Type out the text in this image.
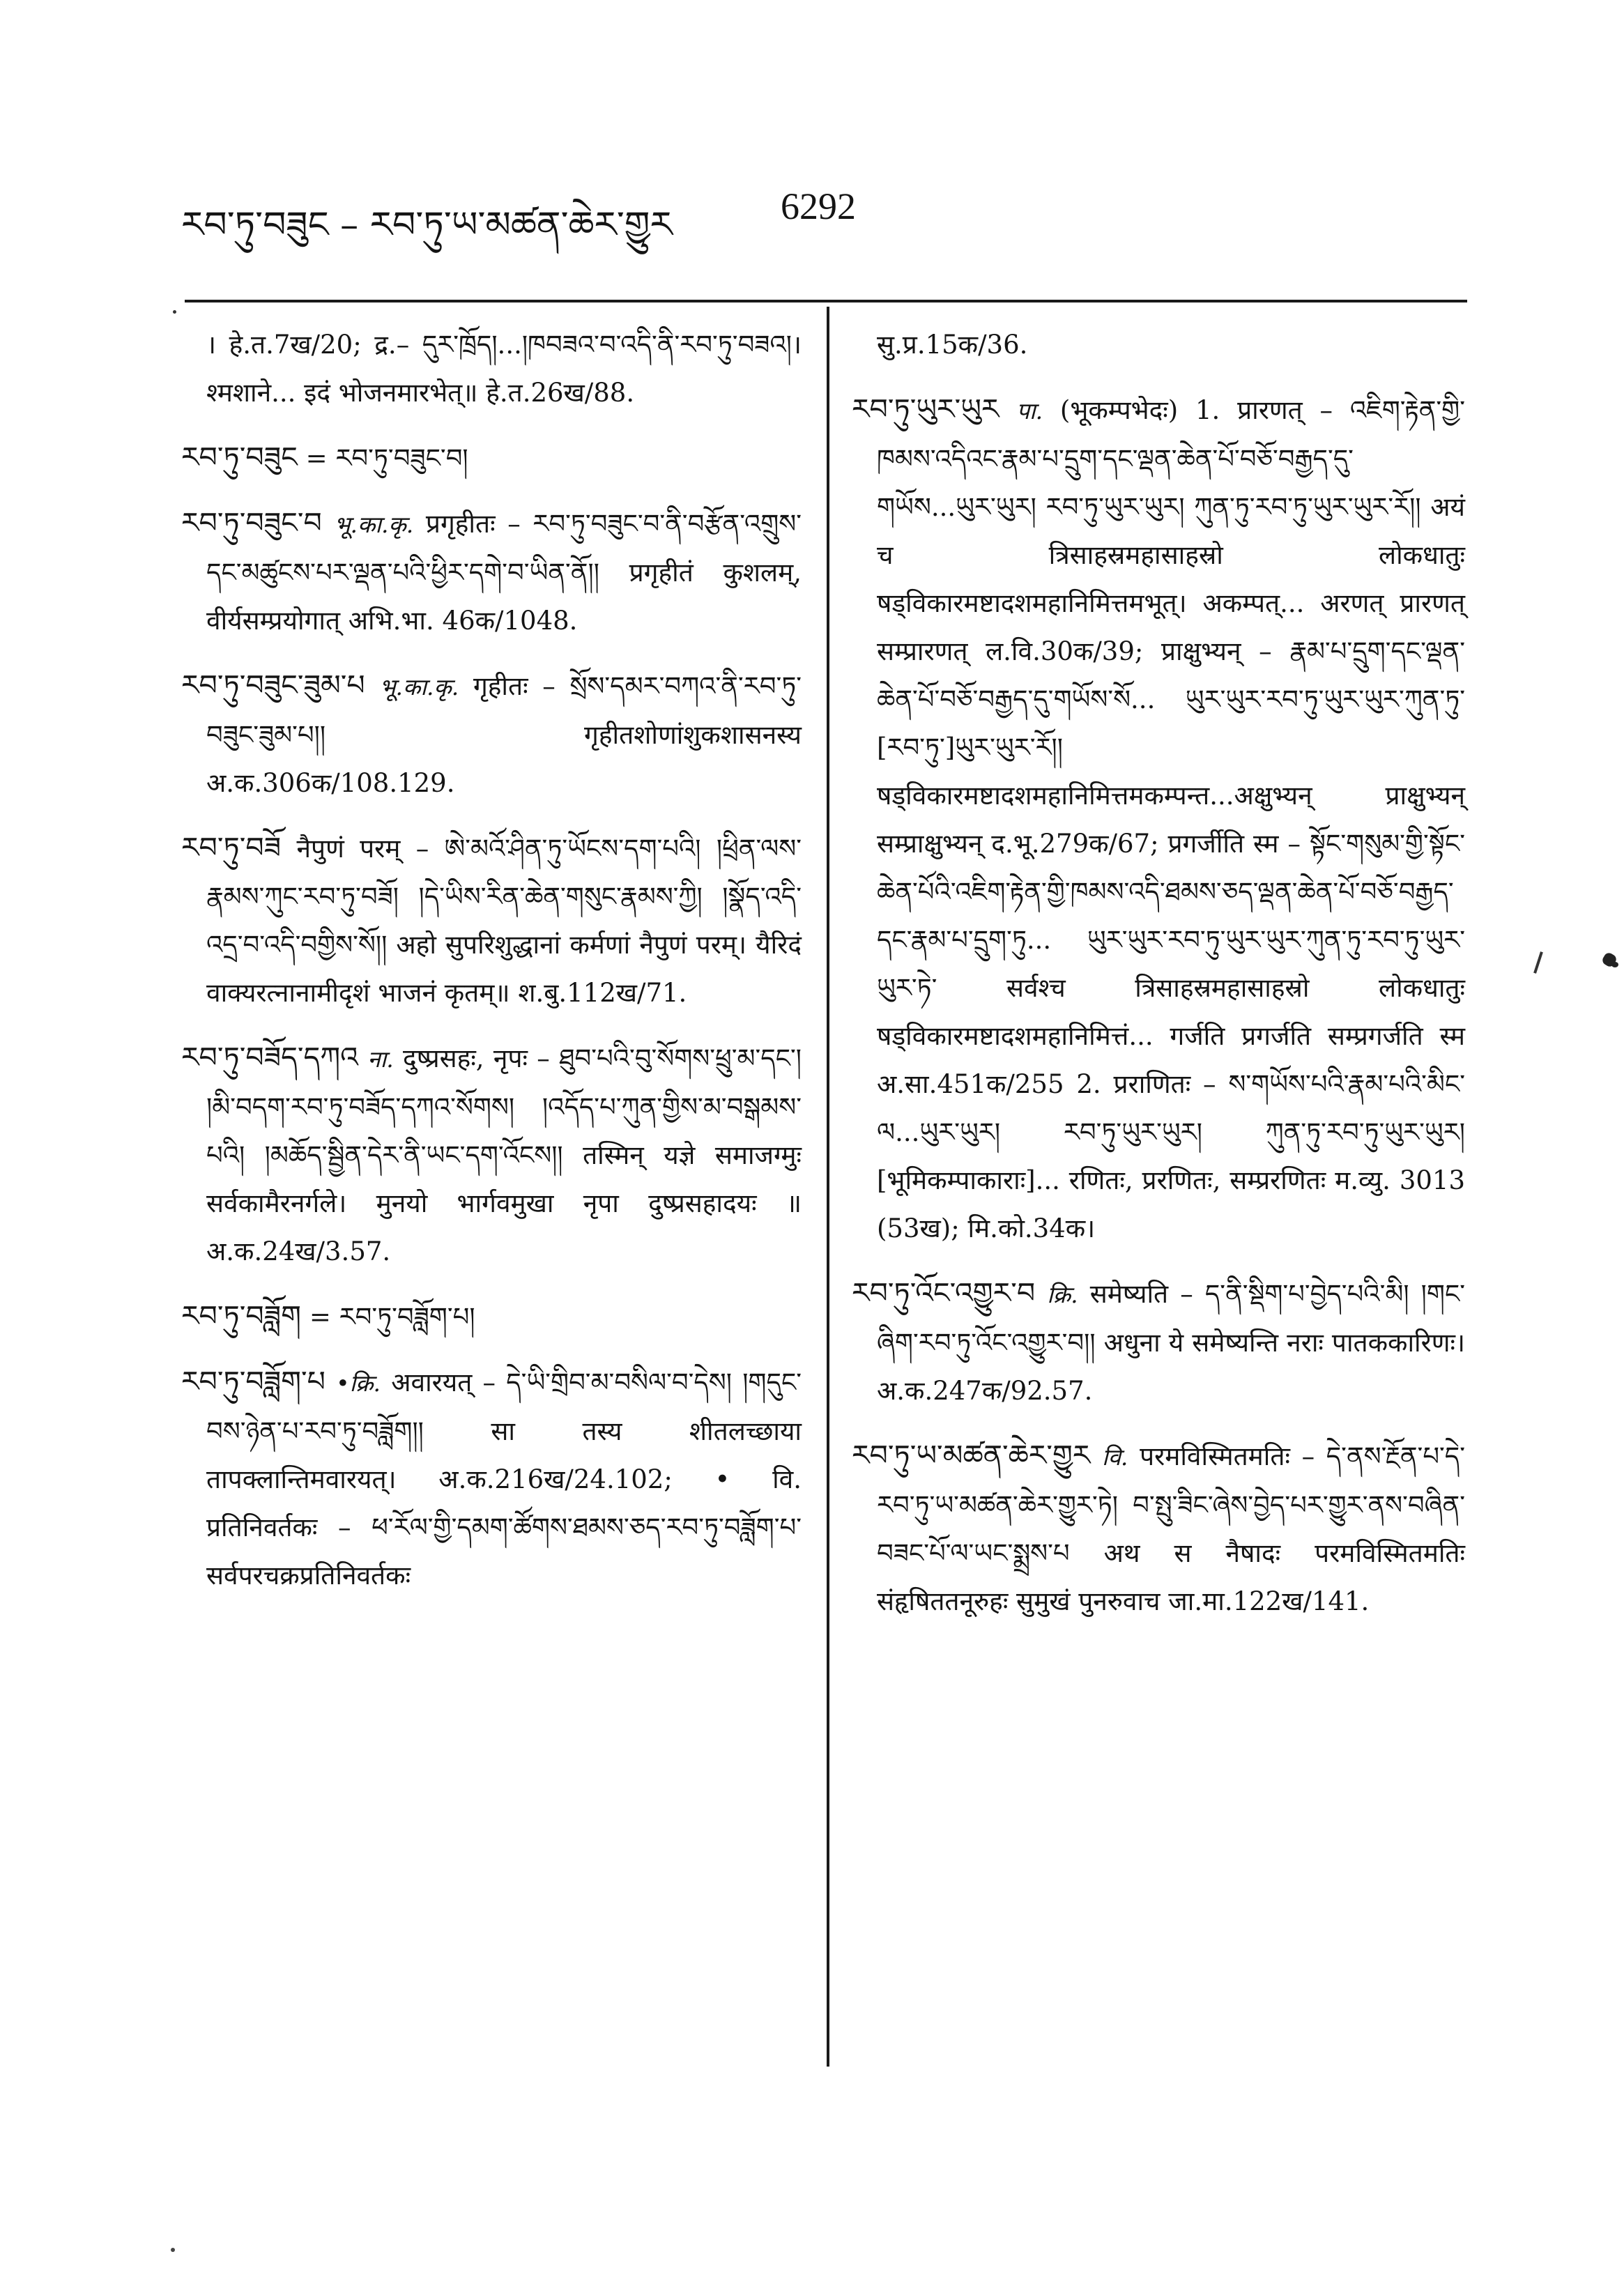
རབ་ཏུ་བཟུང – རབ་ཏུ་ཡ་མཚན་ཆེར་གྱུར	6292

। हे.त.7ख/20; द्र.– དུར་ཁྲོད།...།ཁབཟའ་བ་འདི་ནི་རབ་ཏུ་བཟའ།। श्मशाने... इदं भोजनमारभेत्॥ हे.त.26ख/88.

རབ་ཏུ་བཟུང = རབ་ཏུ་བཟུང་བ།

རབ་ཏུ་བཟུང་བ भू.का.कृ. प्रगृहीतः – རབ་ཏུ་བཟུང་བ་ནི་བརྩོན་འགྲུས་དང་མཚུངས་པར་ལྡན་པའི་ཕྱིར་དགེ་བ་ཡིན་ནོ།། प्रगृहीतं कुशलम्, वीर्यसम्प्रयोगात् अभि.भा. 46क/1048.

རབ་ཏུ་བཟུང་ཟུམ་པ भू.का.कृ. गृहीतः – སྲོས་དམར་བཀའ་ནི་རབ་ཏུ་བཟུང་ཟུམ་པ།། गृहीतशोणांशुकशासनस्य अ.क.306क/108.129.

རབ་ཏུ་བཟོ नैपुणं परम् – ཨེ་མའོ་ཤིན་ཏུ་ཡོངས་དག་པའི། །ཕྲིན་ལས་རྣམས་ཀུང་རབ་ཏུ་བཟོ། །དེ་ཡིས་རིན་ཆེན་གསུང་རྣམས་ཀྱི། །སྣོད་འདི་འདྲ་བ་འདི་བགྱིས་སོ།། अहो सुपरिशुद्धानां कर्मणां नैपुणं परम्। यैरिदं वाक्यरत्नानामीदृशं भाजनं कृतम्॥ श.बु.112ख/71.

རབ་ཏུ་བཟོད་དཀའ ना. दुष्प्रसहः, नृपः – ཐུབ་པའི་བུ་སོགས་ཕྲུ་མ་དང་། །མི་བདག་རབ་ཏུ་བཟོད་དཀའ་སོགས། །འདོད་པ་ཀུན་གྱིས་མ་བསྒམས་པའི། །མཆོད་སྦྱིན་དེར་ནི་ཡང་དག་འོངས།། तस्मिन् यज्ञे समाजग्मुः सर्वकामैरनर्गले। मुनयो भार्गवमुखा नृपा दुष्प्रसहादयः ॥ अ.क.24ख/3.57.

རབ་ཏུ་བཟློག = རབ་ཏུ་བཟློག་པ།

རབ་ཏུ་བཟློག་པ •क्रि. अवारयत् – དེ་ཡི་གྲིབ་མ་བསིལ་བ་དེས། །གདུང་བས་ཉེན་པ་རབ་ཏུ་བཟློག།། सा तस्य शीतलच्छाया तापक्लान्तिमवारयत्। अ.क.216ख/24.102; • वि. प्रतिनिवर्तकः – ཕ་རོལ་གྱི་དམག་ཚོགས་ཐམས་ཅད་རབ་ཏུ་བཟློག་པ་ सर्वपरचक्रप्रतिनिवर्तकः

सु.प्र.15क/36.

རབ་ཏུ་ཡུར་ཡུར पा. (भूकम्पभेदः) 1. प्रारणत् – འཇིག་རྟེན་གྱི་ཁམས་འདིའང་རྣམ་པ་དྲུག་དང་ལྡན་ཆེན་པོ་བཅོ་བརྒྱད་དུ་གཡོས...ཡུར་ཡུར། རབ་ཏུ་ཡུར་ཡུར། ཀུན་ཏུ་རབ་ཏུ་ཡུར་ཡུར་རོ།། अयं च त्रिसाहस्रमहासाहस्रो लोकधातुः षड्विकारमष्टादशमहानिमित्तमभूत्। अकम्पत्... अरणत् प्रारणत् सम्प्रारणत् ल.वि.30क/39; प्राक्षुभ्यन् – རྣམ་པ་དྲུག་དང་ལྡན་ཆེན་པོ་བཅོ་བརྒྱད་དུ་གཡོས་སོ... ཡུར་ཡུར་རབ་ཏུ་ཡུར་ཡུར་ཀུན་ཏུ་[རབ་ཏུ་]ཡུར་ཡུར་རོ།། षड्विकारमष्टादशमहानिमित्तमकम्पन्त...अक्षुभ्यन् प्राक्षुभ्यन् सम्प्राक्षुभ्यन् द.भू.279क/67; प्रगर्जीति स्म – སྟོང་གསུམ་གྱི་སྟོང་ཆེན་པོའི་འཇིག་རྟེན་གྱི་ཁམས་འདི་ཐམས་ཅད་ལྡན་ཆེན་པོ་བཅོ་བརྒྱད་དང་རྣམ་པ་དྲུག་ཏུ... ཡུར་ཡུར་རབ་ཏུ་ཡུར་ཡུར་ཀུན་ཏུ་རབ་ཏུ་ཡུར་ཡུར་ཏེ་ सर्वश्च त्रिसाहस्रमहासाहस्रो लोकधातुः षड्विकारमष्टादशमहानिमित्तं... गर्जति प्रगर्जति सम्प्रगर्जति स्म अ.सा.451क/255 2. प्रराणितः – ས་གཡོས་པའི་རྣམ་པའི་མིང་ལ...ཡུར་ཡུར། རབ་ཏུ་ཡུར་ཡུར། ཀུན་ཏུ་རབ་ཏུ་ཡུར་ཡུར། [भूमिकम्पाकाराः]... रणितः, प्ररणितः, सम्प्ररणितः म.व्यु. 3013 (53ख); मि.को.34क।

རབ་ཏུ་འོང་འགྱུར་བ क्रि. समेष्यति – ད་ནི་སྡིག་པ་བྱེད་པའི་མི། །གང་ཞིག་རབ་ཏུ་འོང་འགྱུར་བ།། अधुना ये समेष्यन्ति नराः पातककारिणः। अ.क.247क/92.57.

རབ་ཏུ་ཡ་མཚན་ཆེར་གྱུར वि. परमविस्मितमतिः – དེ་ནས་རྔོན་པ་དེ་རབ་ཏུ་ཡ་མཚན་ཆེར་གྱུར་ཏེ། བ་སྤུ་ཟིང་ཞེས་བྱེད་པར་གྱུར་ནས་བཞིན་བཟང་པོ་ལ་ཡང་སྨྲས་པ अथ स नैषादः परमविस्मितमतिः संहृषिततनूरुहः सुमुखं पुनरुवाच जा.मा.122ख/141.
